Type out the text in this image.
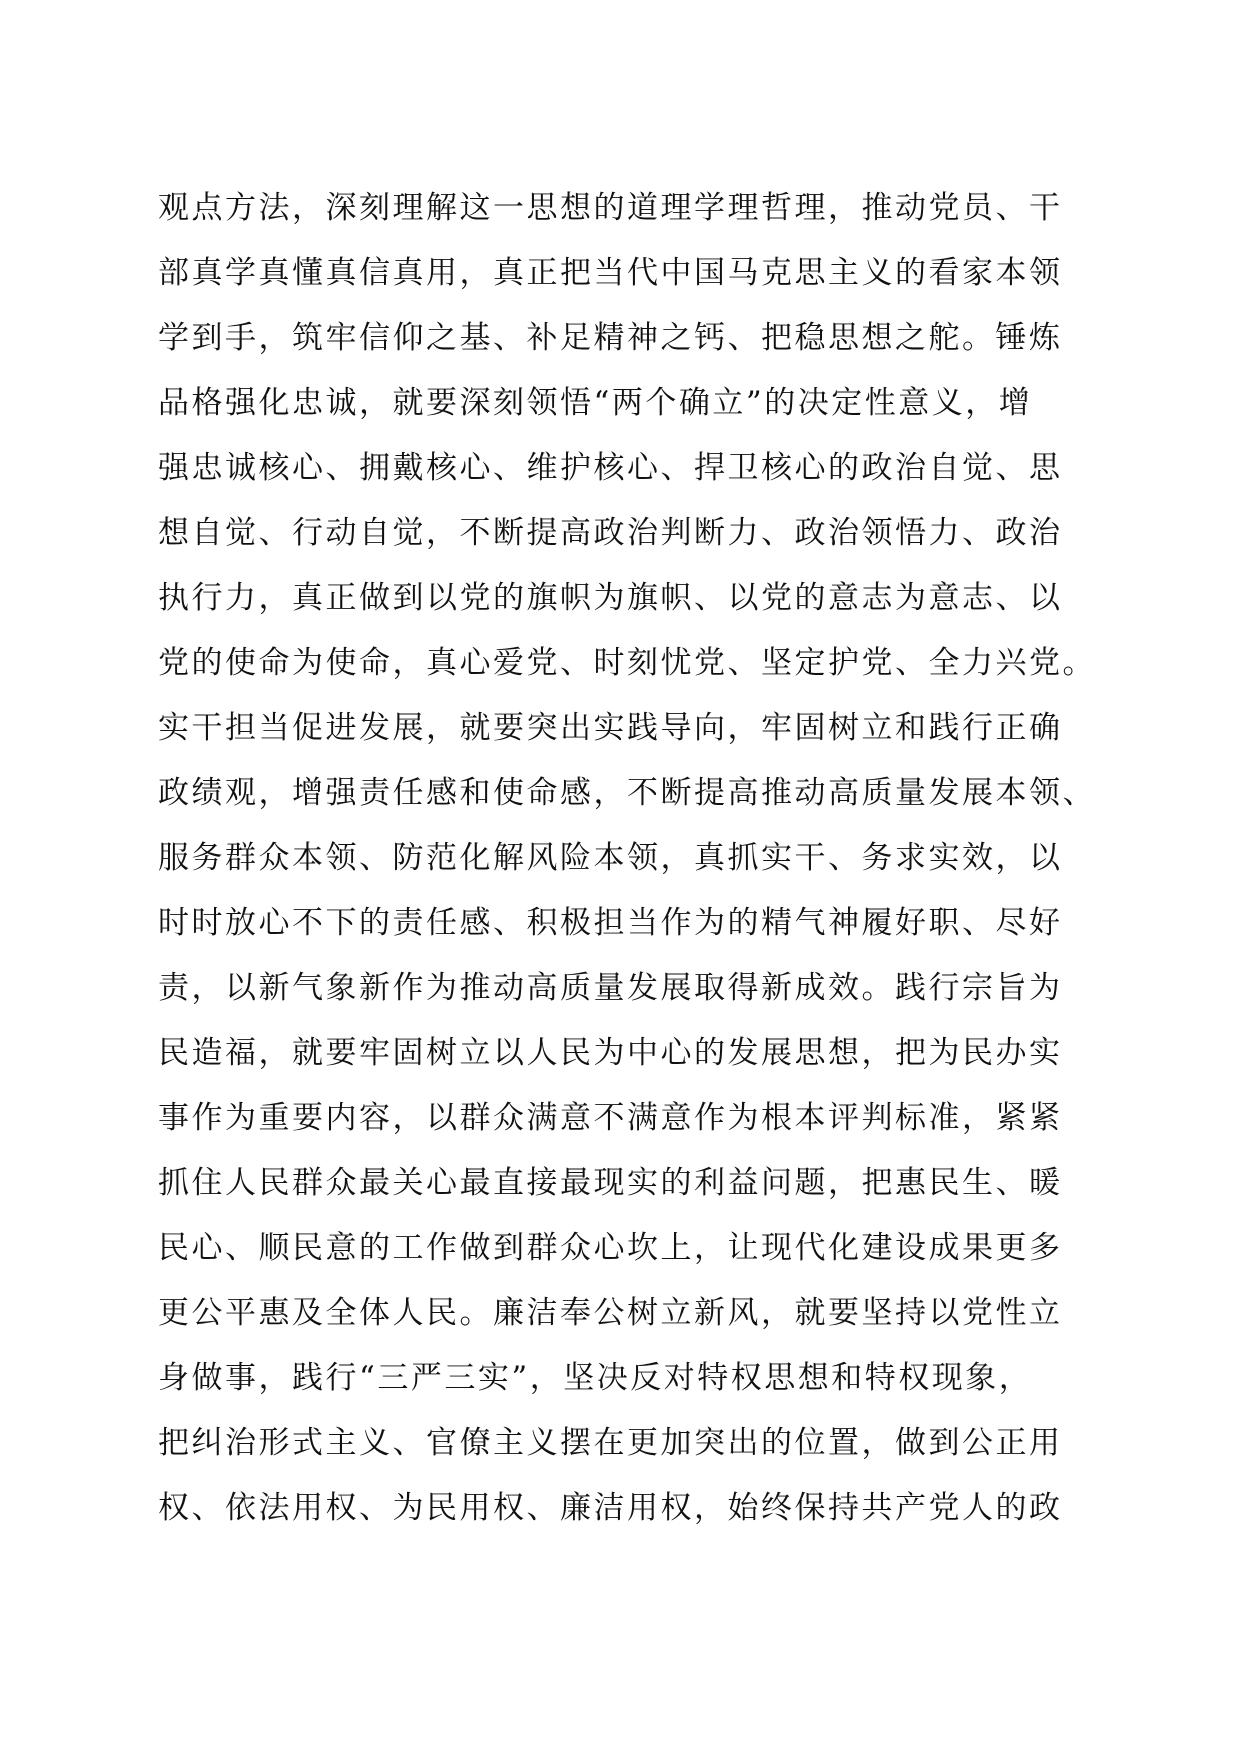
观点方法，深刻理解这一思想的道理学理哲理，推动党员、干
部真学真懂真信真用，真正把当代中国马克思主义的看家本领
学到手，筑牢信仰之基、补足精神之钙、把稳思想之舵。锤炼
品格强化忠诚，就要深刻领悟“两个确立”的决定性意义，增
强忠诚核心、拥戴核心、维护核心、捍卫核心的政治自觉、思
想自觉、行动自觉，不断提高政治判断力、政治领悟力、政治
执行力，真正做到以党的旗帜为旗帜、以党的意志为意志、以
党的使命为使命，真心爱党、时刻忧党、坚定护党、全力兴党。
实干担当促进发展，就要突出实践导向，牢固树立和践行正确
政绩观，增强责任感和使命感，不断提高推动高质量发展本领、
服务群众本领、防范化解风险本领，真抓实干、务求实效，以
时时放心不下的责任感、积极担当作为的精气神履好职、尽好
责，以新气象新作为推动高质量发展取得新成效。践行宗旨为
民造福，就要牢固树立以人民为中心的发展思想，把为民办实
事作为重要内容，以群众满意不满意作为根本评判标准，紧紧
抓住人民群众最关心最直接最现实的利益问题，把惠民生、暖
民心、顺民意的工作做到群众心坎上，让现代化建设成果更多
更公平惠及全体人民。廉洁奉公树立新风，就要坚持以党性立
身做事，践行“三严三实”，坚决反对特权思想和特权现象，
把纠治形式主义、官僚主义摆在更加突出的位置，做到公正用
权、依法用权、为民用权、廉洁用权，始终保持共产党人的政
